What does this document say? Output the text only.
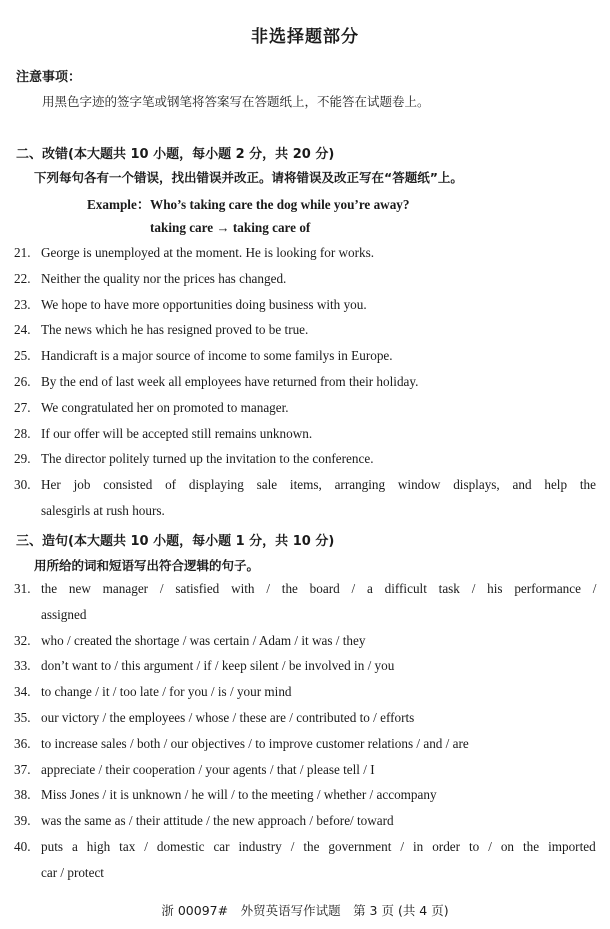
非选择题部分
注意事项：
用黑色字迹的签字笔或钢笔将答案写在答题纸上，不能答在试题卷上。
二、改错(本大题共 10 小题，每小题 2 分，共 20 分)
下列每句各有一个错误，找出错误并改正。请将错误及改正写在“答题纸”上。
Example：Who’s taking care the dog while you’re away?
taking care → taking care of
21. George is unemployed at the moment. He is looking for works.
22. Neither the quality nor the prices has changed.
23. We hope to have more opportunities doing business with you.
24. The news which he has resigned proved to be true.
25. Handicraft is a major source of income to some familys in Europe.
26. By the end of last week all employees have returned from their holiday.
27. We congratulated her on promoted to manager.
28. If our offer will be accepted still remains unknown.
29. The director politely turned up the invitation to the conference.
30. Her job consisted of displaying sale items, arranging window displays, and help the
salesgirls at rush hours.
三、造句(本大题共 10 小题，每小题 1 分，共 10 分)
用所给的词和短语写出符合逻辑的句子。
31. the new manager / satisfied with / the board / a difficult task / his performance /
assigned
32. who / created the shortage / was certain / Adam / it was / they
33. don’t want to / this argument / if / keep silent / be involved in / you
34. to change / it / too late / for you / is / your mind
35. our victory / the employees / whose / these are / contributed to / efforts
36. to increase sales / both / our objectives / to improve customer relations / and / are
37. appreciate / their cooperation / your agents / that / please tell / I
38. Miss Jones / it is unknown / he will / to the meeting / whether / accompany
39. was the same as / their attitude / the new approach / before/ toward
40. puts a high tax / domestic car industry / the government / in order to / on the imported
car / protect
浙 00097#　外贸英语写作试题　第 3 页 (共 4 页)
